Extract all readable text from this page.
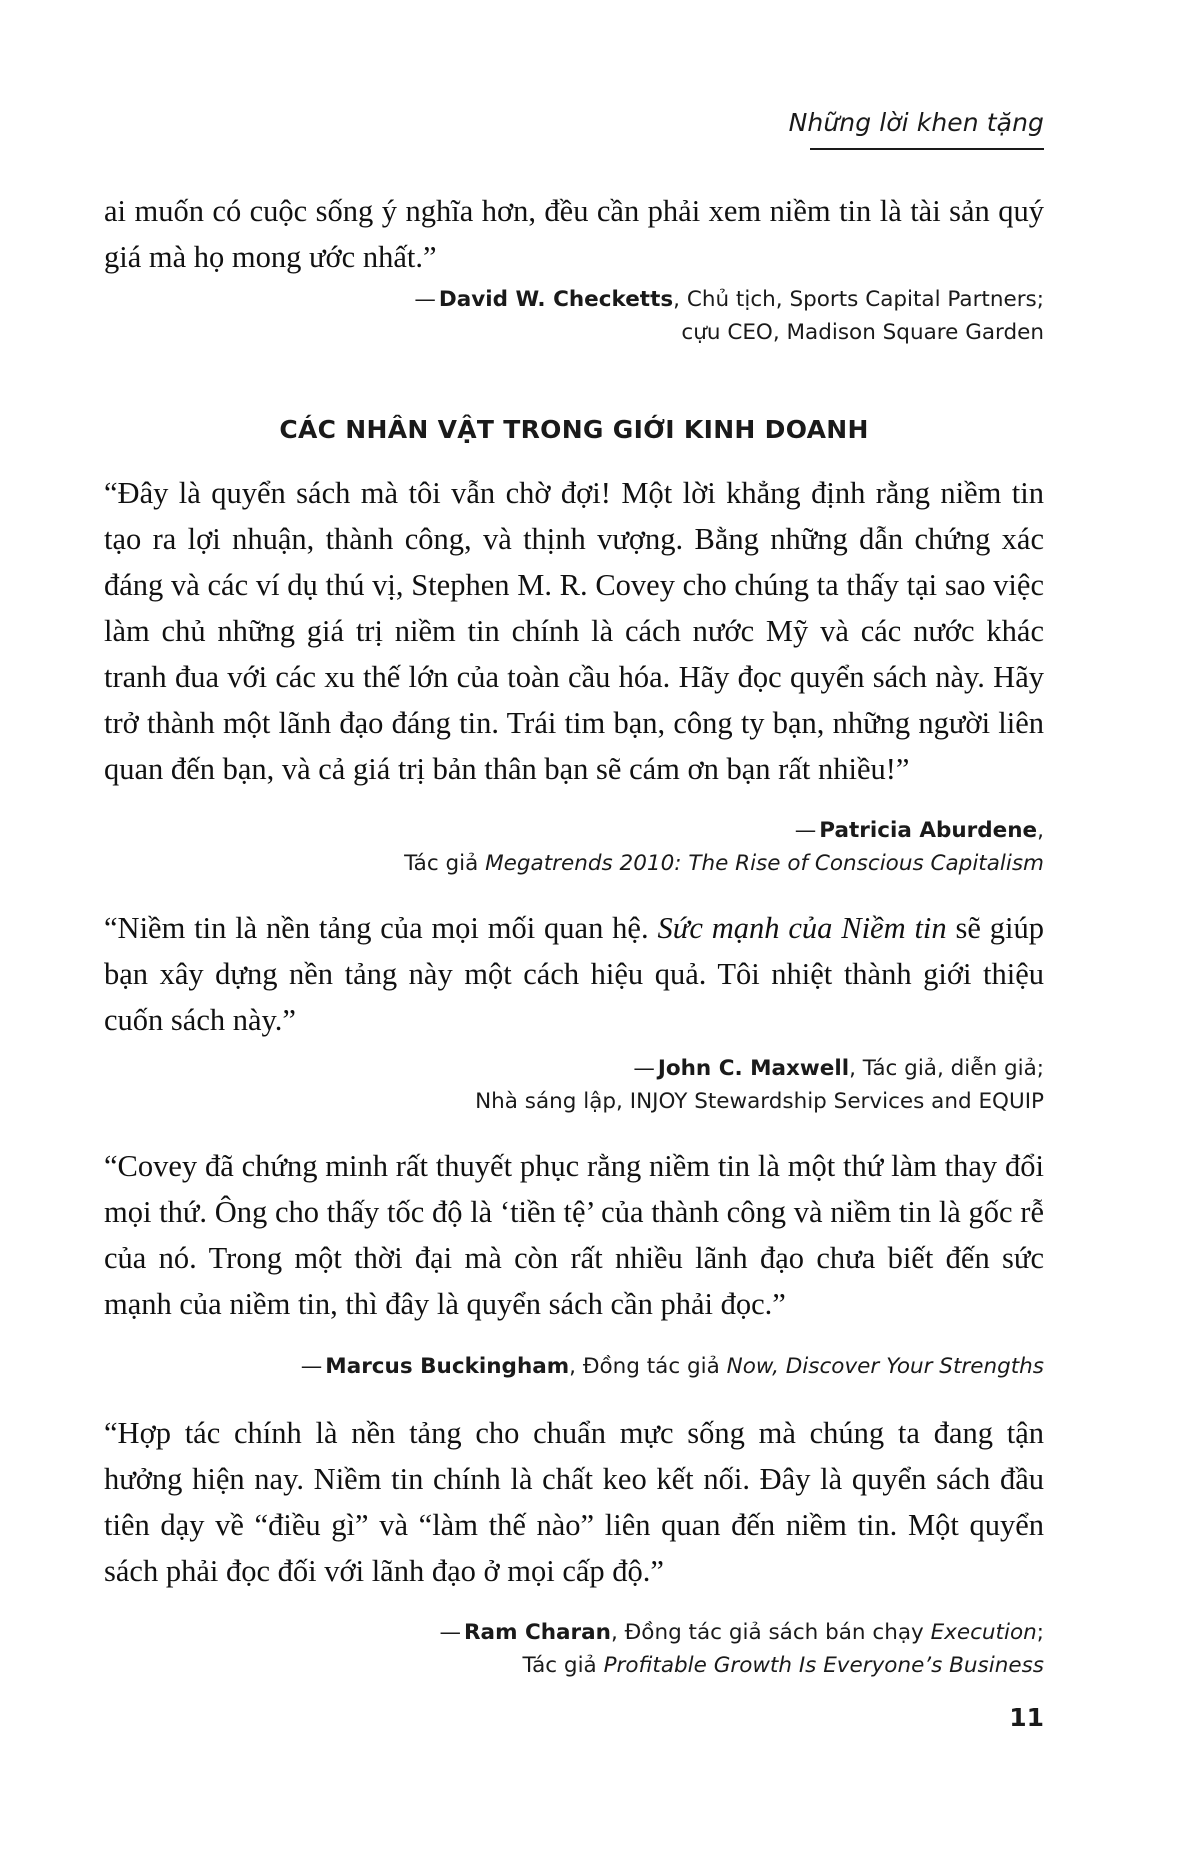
Những lời khen tặng

ai muốn có cuộc sống ý nghĩa hơn, đều cần phải xem niềm tin là tài sản quý giá mà họ mong ước nhất.”

— David W. Checketts, Chủ tịch, Sports Capital Partners;

cựu CEO, Madison Square Garden

CÁC NHÂN VẬT TRONG GIỚI KINH DOANH

“Đây là quyển sách mà tôi vẫn chờ đợi! Một lời khẳng định rằng niềm tin tạo ra lợi nhuận, thành công, và thịnh vượng. Bằng những dẫn chứng xác đáng và các ví dụ thú vị, Stephen M. R. Covey cho chúng ta thấy tại sao việc làm chủ những giá trị niềm tin chính là cách nước Mỹ và các nước khác tranh đua với các xu thế lớn của toàn cầu hóa. Hãy đọc quyển sách này. Hãy trở thành một lãnh đạo đáng tin. Trái tim bạn, công ty bạn, những người liên quan đến bạn, và cả giá trị bản thân bạn sẽ cám ơn bạn rất nhiều!”

— Patricia Aburdene,

Tác giả Megatrends 2010: The Rise of Conscious Capitalism

“Niềm tin là nền tảng của mọi mối quan hệ. Sức mạnh của Niềm tin sẽ giúp bạn xây dựng nền tảng này một cách hiệu quả. Tôi nhiệt thành giới thiệu cuốn sách này.”

— John C. Maxwell, Tác giả, diễn giả;

Nhà sáng lập, INJOY Stewardship Services and EQUIP

“Covey đã chứng minh rất thuyết phục rằng niềm tin là một thứ làm thay đổi mọi thứ. Ông cho thấy tốc độ là ‘tiền tệ’ của thành công và niềm tin là gốc rễ của nó. Trong một thời đại mà còn rất nhiều lãnh đạo chưa biết đến sức mạnh của niềm tin, thì đây là quyển sách cần phải đọc.”

— Marcus Buckingham, Đồng tác giả Now, Discover Your Strengths

“Hợp tác chính là nền tảng cho chuẩn mực sống mà chúng ta đang tận hưởng hiện nay. Niềm tin chính là chất keo kết nối. Đây là quyển sách đầu tiên dạy về “điều gì” và “làm thế nào” liên quan đến niềm tin. Một quyển sách phải đọc đối với lãnh đạo ở mọi cấp độ.”

— Ram Charan, Đồng tác giả sách bán chạy Execution;

Tác giả Profitable Growth Is Everyone’s Business

11
